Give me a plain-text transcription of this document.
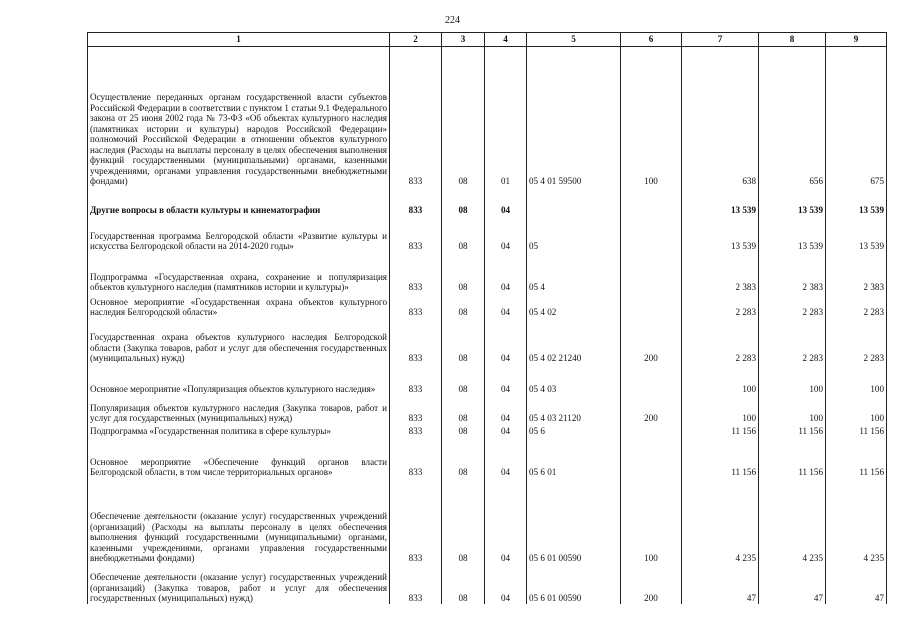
224
1	2	3	4	5	6	7	8	9
Осуществление переданных органам государственной власти субъектов Российской Федерации в соответствии с пунктом 1 статьи 9.1 Федерального закона от 25 июня 2002 года № 73-ФЗ «Об объектах культурного наследия (памятниках истории и культуры) народов Российской Федерации» полномочий Российской Федерации в отношении объектов культурного наследия (Расходы на выплаты персоналу в целях обеспечения выполнения функций государственными (муниципальными) органами, казенными учреждениями, органами управления государственными внебюджетными фондами)	833	08	01	05 4 01 59500	100	638	656	675
Другие вопросы в области культуры и кинематографии	833	08	04			13 539	13 539	13 539
Государственная программа Белгородской области «Развитие культуры и искусства Белгородской области на 2014-2020 годы»	833	08	04	05		13 539	13 539	13 539
Подпрограмма «Государственная охрана, сохранение и популяризация объектов культурного наследия (памятников истории и культуры)»	833	08	04	05 4		2 383	2 383	2 383
Основное мероприятие «Государственная охрана объектов культурного наследия Белгородской области»	833	08	04	05 4 02		2 283	2 283	2 283
Государственная охрана объектов культурного наследия Белгородской области (Закупка товаров, работ и услуг для обеспечения государственных (муниципальных) нужд)	833	08	04	05 4 02 21240	200	2 283	2 283	2 283
Основное мероприятие «Популяризация объектов культурного наследия»	833	08	04	05 4 03		100	100	100
Популяризация объектов культурного наследия (Закупка товаров, работ и услуг для государственных (муниципальных) нужд)	833	08	04	05 4 03 21120	200	100	100	100
Подпрограмма «Государственная политика в сфере культуры»	833	08	04	05 6		11 156	11 156	11 156
Основное мероприятие «Обеспечение функций органов власти Белгородской области, в том числе территориальных органов»	833	08	04	05 6 01		11 156	11 156	11 156
Обеспечение деятельности (оказание услуг) государственных учреждений (организаций) (Расходы на выплаты персоналу в целях обеспечения выполнения функций государственными (муниципальными) органами, казенными учреждениями, органами управления государственными внебюджетными фондами)	833	08	04	05 6 01 00590	100	4 235	4 235	4 235
Обеспечение деятельности (оказание услуг) государственных учреждений (организаций) (Закупка товаров, работ и услуг для обеспечения государственных (муниципальных) нужд)	833	08	04	05 6 01 00590	200	47	47	47
